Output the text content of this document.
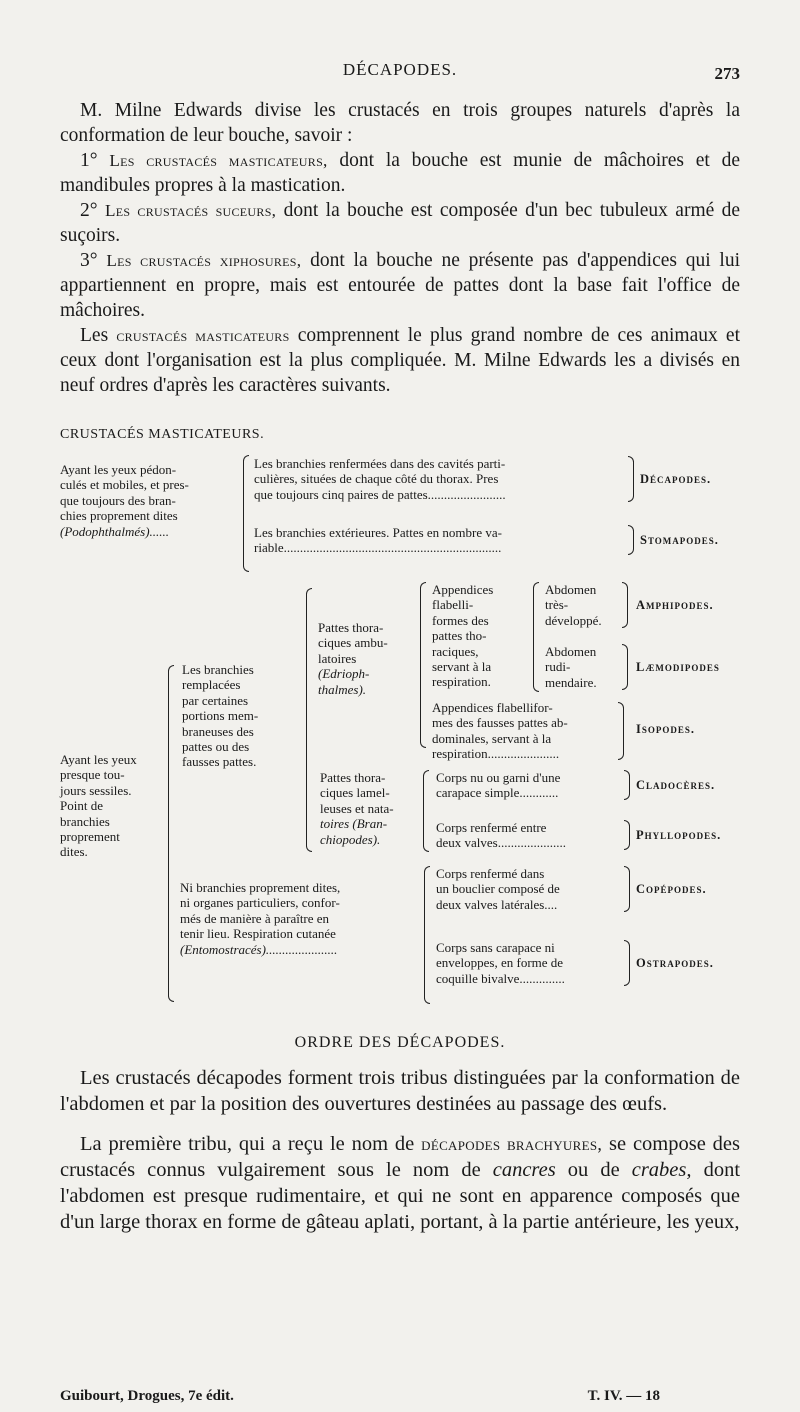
DÉCAPODES.	273

M. Milne Edwards divise les crustacés en trois groupes naturels d'après la conformation de leur bouche, savoir :

1° Les crustacés masticateurs, dont la bouche est munie de mâchoires et de mandibules propres à la mastication.

2° Les crustacés suceurs, dont la bouche est composée d'un bec tubuleux armé de suçoirs.

3° Les crustacés xiphosures, dont la bouche ne présente pas d'appendices qui lui appartiennent en propre, mais est entourée de pattes dont la base fait l'office de mâchoires.

Les crustacés masticateurs comprennent le plus grand nombre de ces animaux et ceux dont l'organisation est la plus compliquée. M. Milne Edwards les a divisés en neuf ordres d'après les caractères suivants.

CRUSTACÉS MASTICATEURS.
Ayant les yeux pédon-
culés et mobiles, et pres-
que toujours des bran-
chies proprement dites
(Podophthalmés)......
Les branchies renfermées dans des cavités parti-
culières, situées de chaque côté du thorax. Pres
que toujours cinq paires de pattes........................
Décapodes.
Les branchies extérieures. Pattes en nombre va-
riable...................................................................
Stomapodes.
Ayant les yeux
presque tou-
jours sessiles.
Point de
branchies
proprement
dites.
Les branchies
remplacées
par certaines
portions mem-
braneuses des
pattes ou des
fausses pattes.
Pattes thora-
ciques ambu-
latoires
(Edrioph-
thalmes).
Appendices
flabelli-
formes des
pattes tho-
raciques,
servant à la
respiration.
Abdomen
très-
développé.
Amphipodes.
Abdomen
rudi-
mendaire.
Læmodipodes
Appendices flabellifor-
mes des fausses pattes ab-
dominales, servant à la
respiration......................
Isopodes.
Pattes thora-
ciques lamel-
leuses et nata-
toires (Bran-
chiopodes).
Corps nu ou garni d'une
carapace simple............
Cladocères.
Corps renfermé entre
deux valves.....................
Phyllopodes.
Ni branchies proprement dites,
ni organes particuliers, confor-
més de manière à paraître en
tenir lieu. Respiration cutanée
(Entomostracés)......................
Corps renfermé dans
un bouclier composé de
deux valves latérales....
Copépodes.
Corps sans carapace ni
enveloppes, en forme de
coquille bivalve..............
Ostrapodes.
ORDRE DES DÉCAPODES.

Les crustacés décapodes forment trois tribus distinguées par la conformation de l'abdomen et par la position des ouvertures destinées au passage des œufs.

La première tribu, qui a reçu le nom de décapodes brachyures, se compose des crustacés connus vulgairement sous le nom de cancres ou de crabes, dont l'abdomen est presque rudimentaire, et qui ne sont en apparence composés que d'un large thorax en forme de gâteau aplati, portant, à la partie antérieure, les yeux,

Guibourt, Drogues, 7e édit.	T. IV. — 18
